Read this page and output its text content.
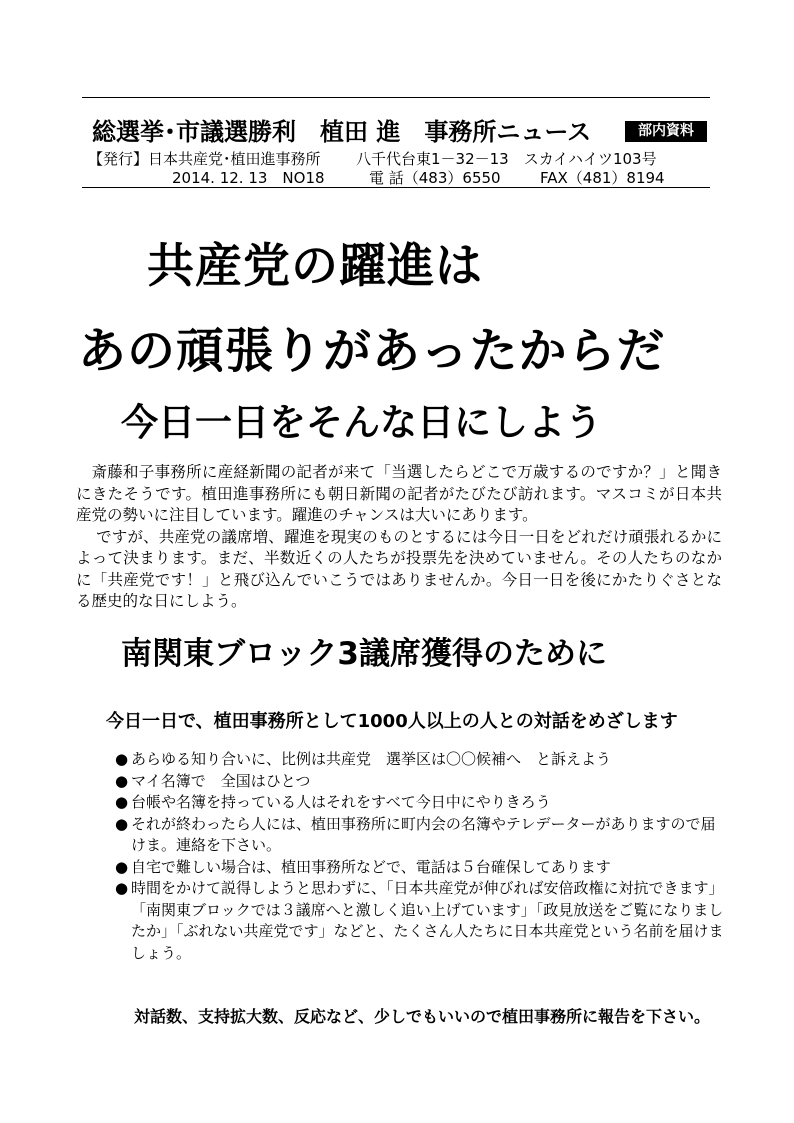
総選挙･市議選勝利　植田 進　事務所ニュース	部内資料
【発行】日本共産党･植田進事務所 八千代台東1－32－13　スカイハイツ103号
2014. 12. 13　NO18	電 話（483）6550	FAX（481）8194
共産党の躍進は
あの頑張りがあったからだ
今日一日をそんな日にしよう

斎藤和子事務所に産経新聞の記者が来て「当選したらどこで万歳するのですか？」と聞きにきたそうです。植田進事務所にも朝日新聞の記者がたびたび訪れます。マスコミが日本共産党の勢いに注目しています。躍進のチャンスは大いにあります。

ですが、共産党の議席増、躍進を現実のものとするには今日一日をどれだけ頑張れるかによって決まります。まだ、半数近くの人たちが投票先を決めていません。その人たちのなかに「共産党です！」と飛び込んでいこうではありませんか。今日一日を後にかたりぐさとなる歴史的な日にしよう。

南関東ブロック3議席獲得のために
今日一日で、植田事務所として1000人以上の人との対話をめざします
● あらゆる知り合いに、比例は共産党　選挙区は〇〇候補へ　と訴えよう
● マイ名簿で　全国はひとつ
● 台帳や名簿を持っている人はそれをすべて今日中にやりきろう
● それが終わったら人には、植田事務所に町内会の名簿やテレデーターがありますので届けま。連絡を下さい。
● 自宅で難しい場合は、植田事務所などで、電話は５台確保してあります
● 時間をかけて説得しようと思わずに、「日本共産党が伸びれば安倍政権に対抗できます」「南関東ブロックでは３議席へと激しく追い上げています」「政見放送をご覧になりましたか」「ぶれない共産党です」などと、たくさん人たちに日本共産党という名前を届けましょう。
対話数、支持拡大数、反応など、少しでもいいので植田事務所に報告を下さい。
